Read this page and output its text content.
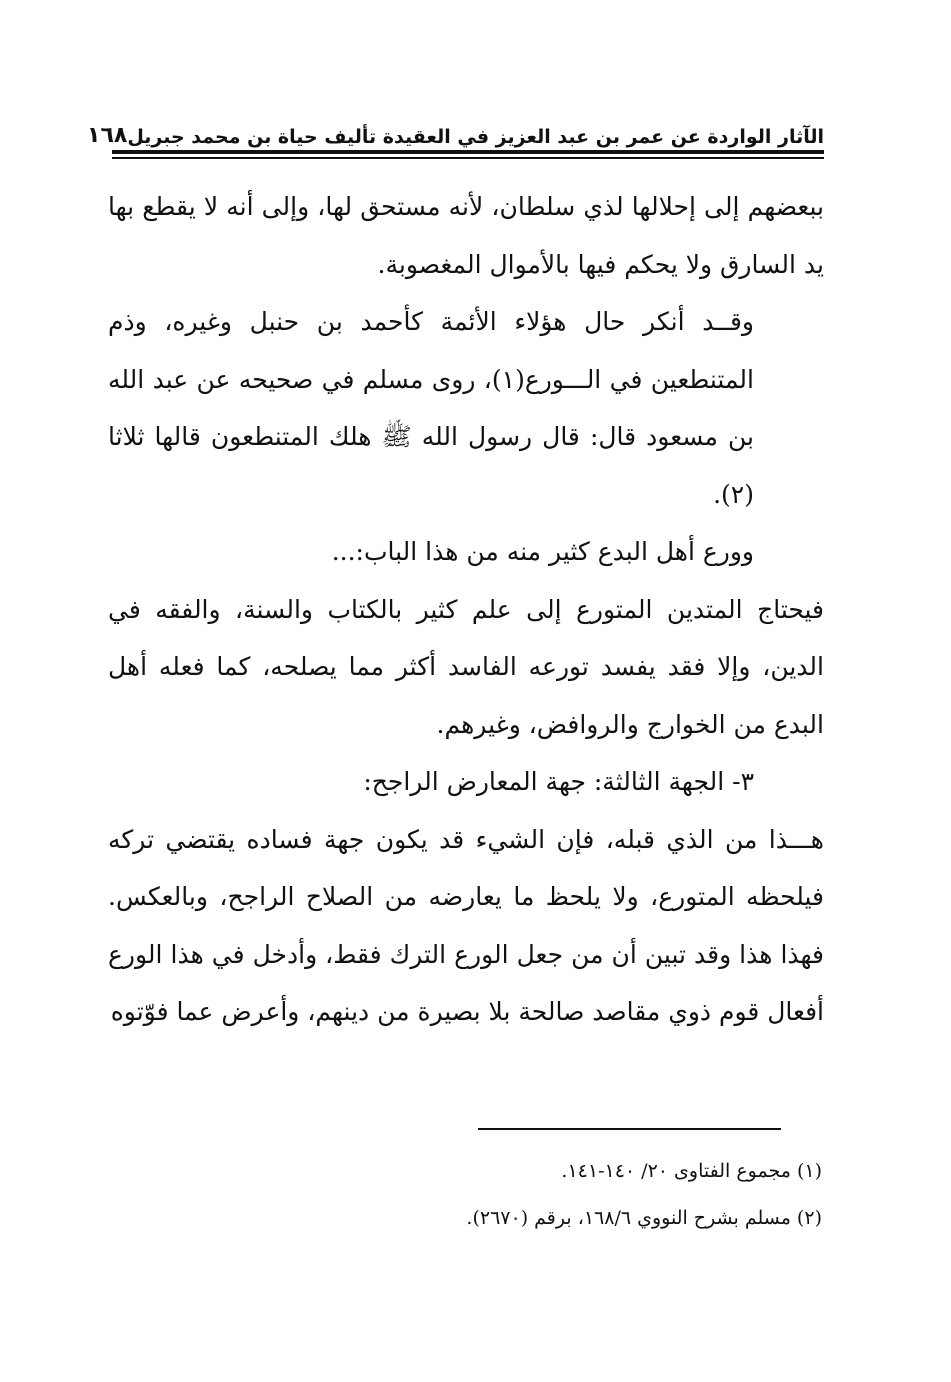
الآثار الواردة عن عمر بن عبد العزيز في العقيدة تأليف حياة بن محمد جبريل
١٦٨

ببعضهم إلى إحلالها لذي سلطان، لأنه مستحق لها، وإلى أنه لا يقطع بها يد السارق ولا يحكم فيها بالأموال المغصوبة.

وقــد أنكر حال هؤلاء الأئمة كأحمد بن حنبل وغيره، وذم المتنطعين في الـــورع(١)، روى مسلم في صحيحه عن عبد الله بن مسعود قال: قال رسول الله ﷺ هلك المتنطعون قالها ثلاثا (٢).

وورع أهل البدع كثير منه من هذا الباب:...

فيحتاج المتدين المتورع إلى علم كثير بالكتاب والسنة، والفقه في الدين، وإلا فقد يفسد تورعه الفاسد أكثر مما يصلحه، كما فعله أهل البدع من الخوارج والروافض، وغيرهم.

٣- الجهة الثالثة: جهة المعارض الراجح:

هـــذا من الذي قبله، فإن الشيء قد يكون جهة فساده يقتضي تركه فيلحظه المتورع، ولا يلحظ ما يعارضه من الصلاح الراجح، وبالعكس. فهذا هذا وقد تبين أن من جعل الورع الترك فقط، وأدخل في هذا الورع أفعال قوم ذوي مقاصد صالحة بلا بصيرة من دينهم، وأعرض عما فوّتوه

(١) مجموع الفتاوى ٢٠/ ١٤٠-١٤١.

(٢) مسلم بشرح النووي ١٦٨/٦، برقم (٢٦٧٠).
